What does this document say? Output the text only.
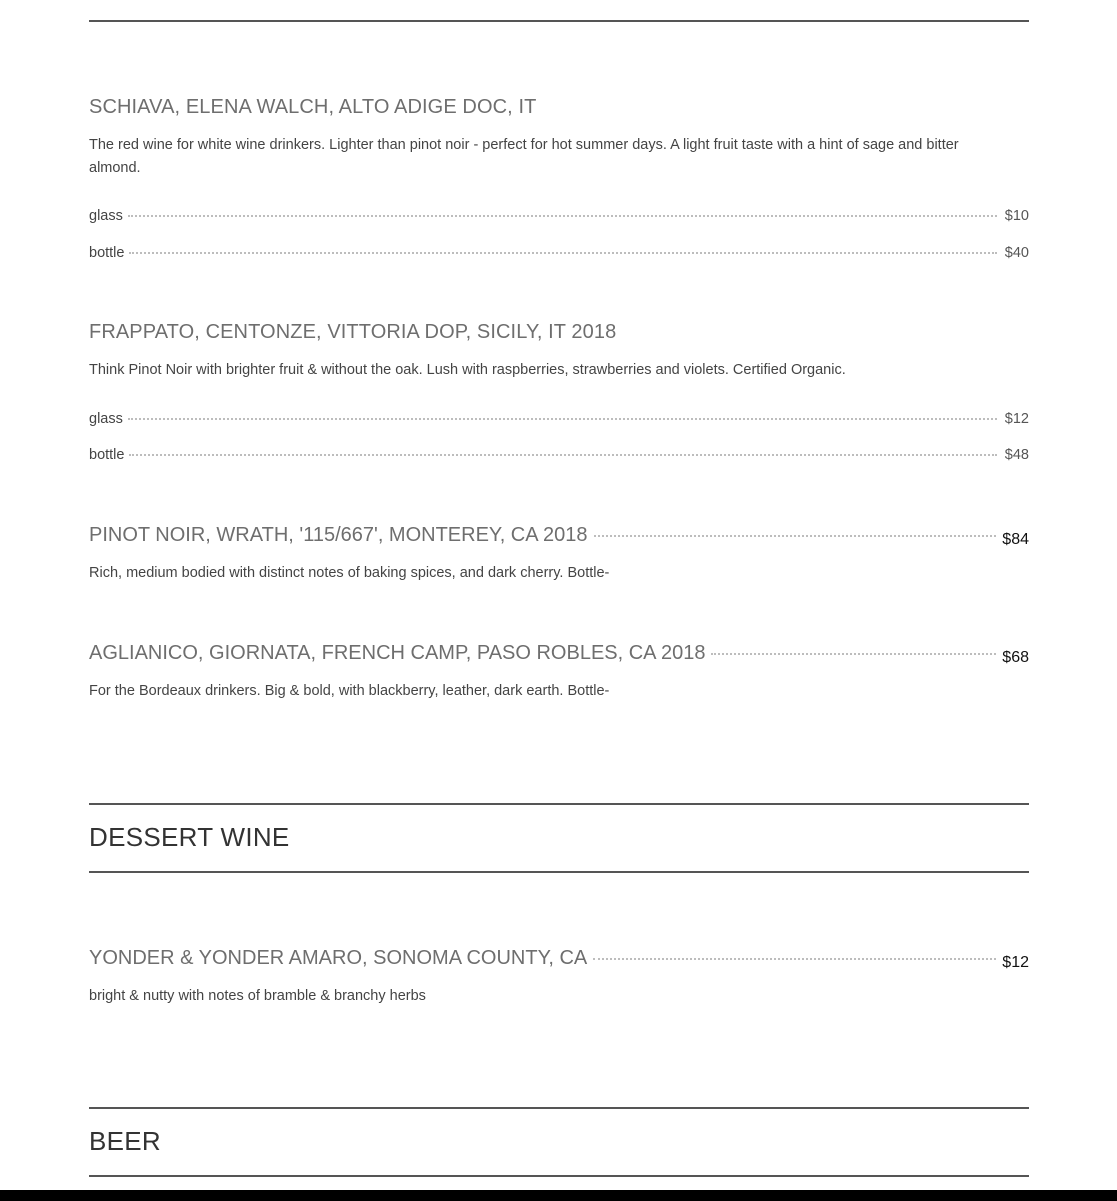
SCHIAVA, ELENA WALCH, ALTO ADIGE DOC, IT
The red wine for white wine drinkers. Lighter than pinot noir - perfect for hot summer days. A light fruit taste with a hint of sage and bitter almond.
glass	$10
bottle	$40
FRAPPATO, CENTONZE, VITTORIA DOP, SICILY, IT 2018
Think Pinot Noir with brighter fruit & without the oak. Lush with raspberries, strawberries and violets. Certified Organic.
glass	$12
bottle	$48
PINOT NOIR, WRATH, '115/667', MONTEREY, CA 2018	$84
Rich, medium bodied with distinct notes of baking spices, and dark cherry. Bottle-
AGLIANICO, GIORNATA, FRENCH CAMP, PASO ROBLES, CA 2018	$68
For the Bordeaux drinkers. Big & bold, with blackberry, leather, dark earth. Bottle-
DESSERT WINE
YONDER & YONDER AMARO, SONOMA COUNTY, CA	$12
bright & nutty with notes of bramble & branchy herbs
BEER
